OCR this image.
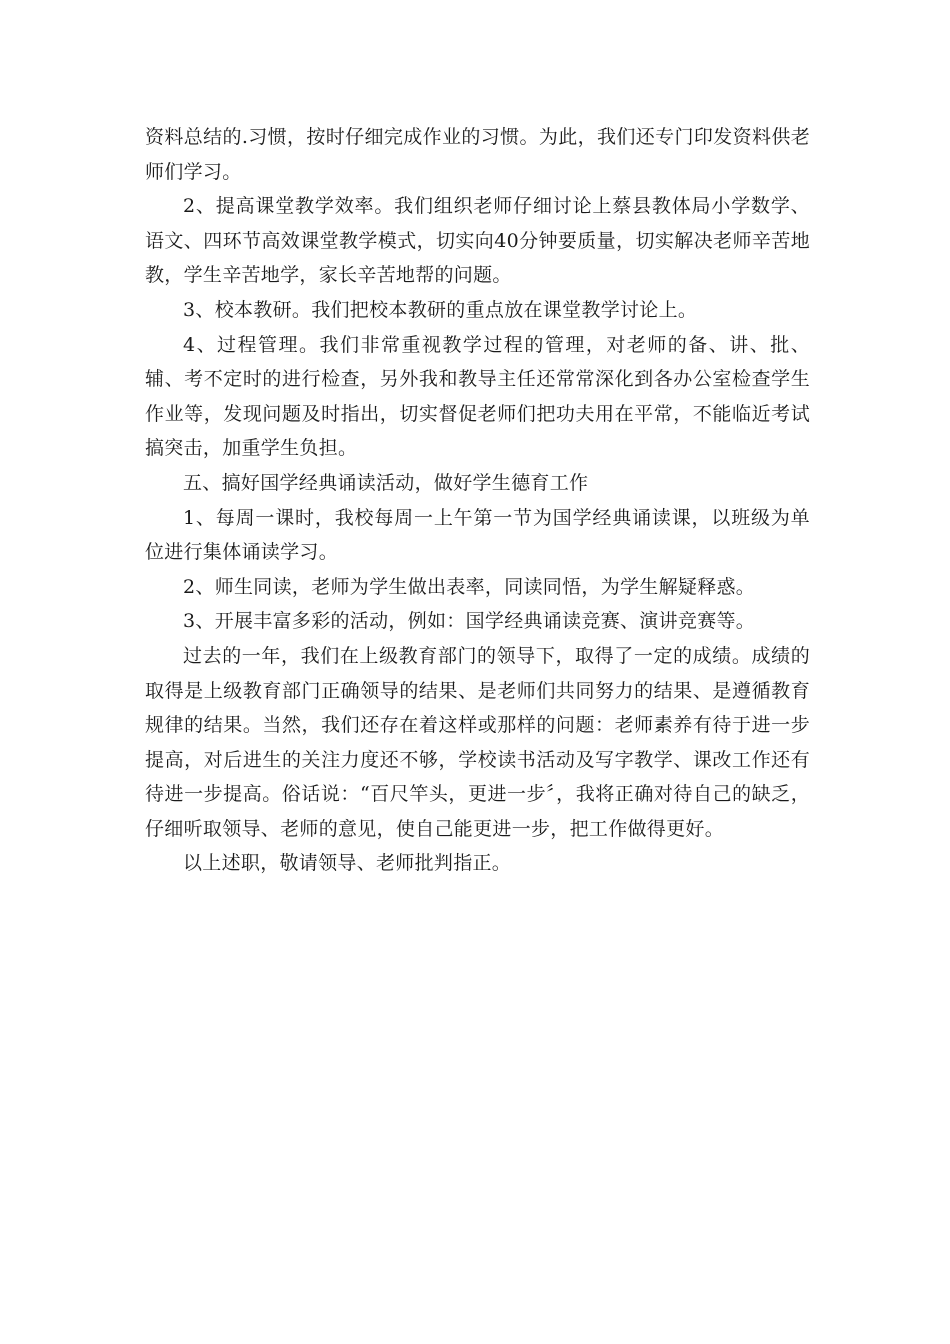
资料总结的.习惯，按时仔细完成作业的习惯。为此，我们还专门印发资料供老师们学习。

2、提高课堂教学效率。我们组织老师仔细讨论上蔡县教体局小学数学、语文、四环节高效课堂教学模式，切实向40分钟要质量，切实解决老师辛苦地教，学生辛苦地学，家长辛苦地帮的问题。

3、校本教研。我们把校本教研的重点放在课堂教学讨论上。

4、过程管理。我们非常重视教学过程的管理，对老师的备、讲、批、辅、考不定时的进行检查，另外我和教导主任还常常深化到各办公室检查学生作业等，发现问题及时指出，切实督促老师们把功夫用在平常，不能临近考试搞突击，加重学生负担。

五、搞好国学经典诵读活动，做好学生德育工作

1、每周一课时，我校每周一上午第一节为国学经典诵读课，以班级为单位进行集体诵读学习。

2、师生同读，老师为学生做出表率，同读同悟，为学生解疑释惑。

3、开展丰富多彩的活动，例如：国学经典诵读竞赛、演讲竞赛等。

过去的一年，我们在上级教育部门的领导下，取得了一定的成绩。成绩的取得是上级教育部门正确领导的结果、是老师们共同努力的结果、是遵循教育规律的结果。当然，我们还存在着这样或那样的问题：老师素养有待于进一步提高，对后进生的关注力度还不够，学校读书活动及写字教学、课改工作还有待进一步提高。俗话说：“百尺竿头，更进一步〞，我将正确对待自己的缺乏，仔细听取领导、老师的意见，使自己能更进一步，把工作做得更好。

以上述职，敬请领导、老师批判指正。
